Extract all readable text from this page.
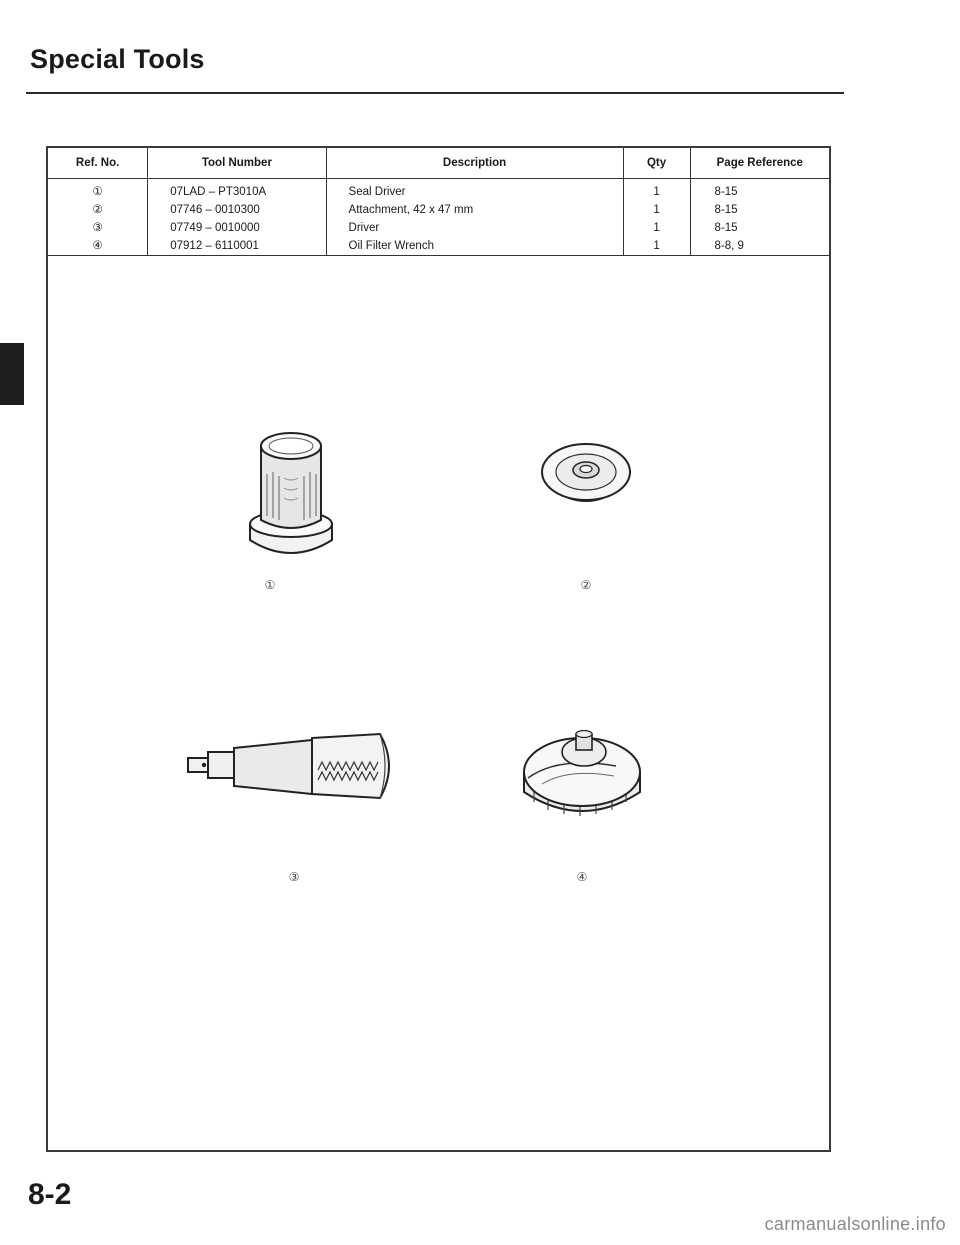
Special Tools
Ref. No.	Tool Number	Description	Qty	Page Reference
①	07LAD – PT3010A	Seal Driver	1	8-15
②	07746 – 0010300	Attachment, 42 x 47 mm	1	8-15
③	07749 – 0010000	Driver	1	8-15
④	07912 – 6110001	Oil Filter Wrench	1	8-8, 9
①	②
③	④
8-2
carmanualsonline.info
